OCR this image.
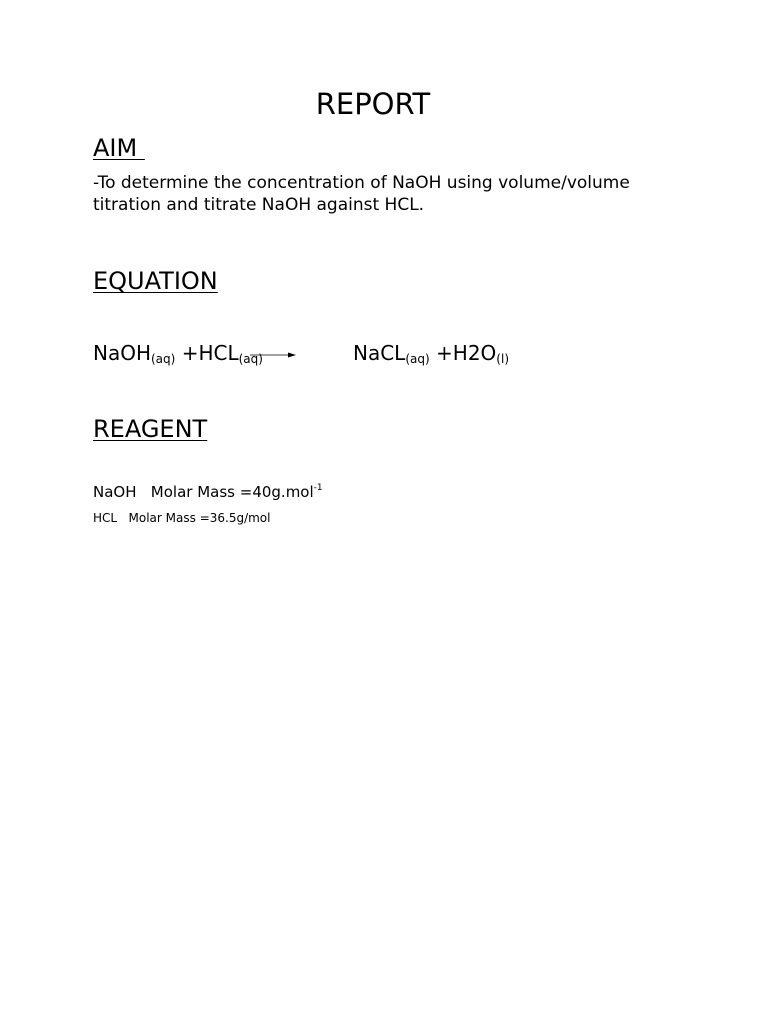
REPORT
AIM

-To determine the concentration of NaOH using volume/volume titration and titrate NaOH against HCL.

EQUATION
NaOH$_{(aq)}$ $+HCL_{(aq)}$	NaCL$_{(aq)}$ $+H2O_{(l)}$
REAGENT
NaOH   Molar Mass =40g.mol$^{-1}$
HCL   Molar Mass =36.5g/mol
